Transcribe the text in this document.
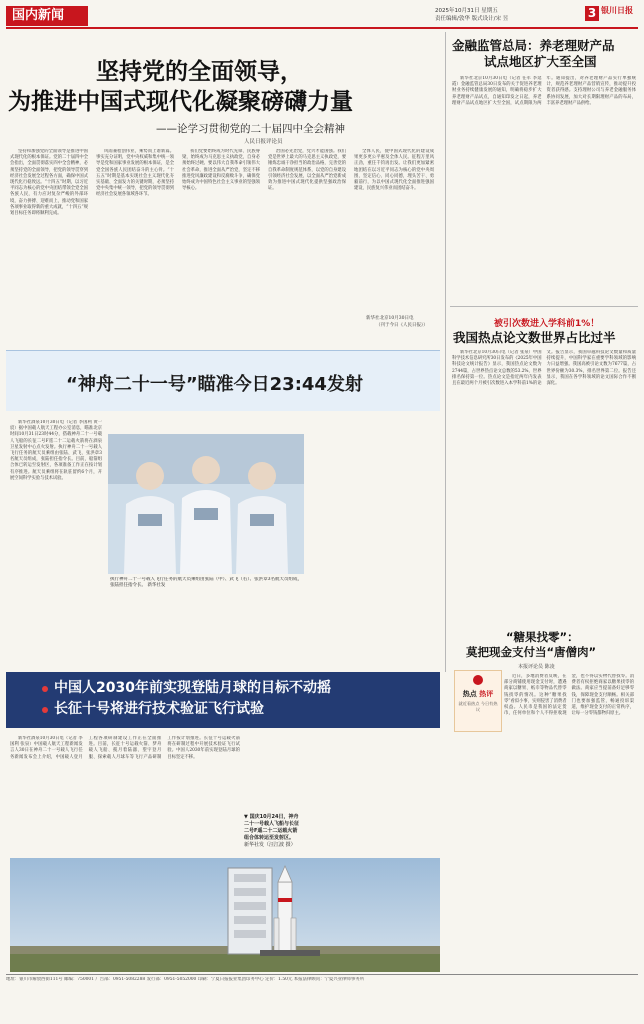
国内新闻	2025年10月31日 星期五
责任编辑/敦华 版式设计/宋 昱	3 银川日报
坚持党的全面领导，
为推进中国式现代化凝聚磅礴力量
——论学习贯彻党的二十届四中全会精神
人民日报评论员

坚持和加强党的全面领导是推进中国式现代化的根本保证。党的二十届四中全会指出，全面贯彻落实四中全会精神，必须坚持党的全面领导，把党的领导贯穿到经济社会发展全过程各方面，确保中国式现代化行稳致远。“十四五”时期，以习近平同志为核心的党中央团结带领全党全国各族人民，有力应对复杂严峻的外部环境，奋力拼搏、迎难而上，推动党和国家各项事业取得新的重大成就，“十四五”规划目标任务即将顺利完成。

风雨兼程创伟业，乘势而上谱新篇。事实充分证明，党中央权威和集中统一领导是党和国家事业发展的根本保证，是全党全国各族人民团结奋斗的主心骨。“十五五”时期是基本实现社会主义现代化夯实基础、全面发力的关键时期，必须坚持党中央集中统一领导，把党的领导贯彻到经济社会发展各领域各环节。

我们党要始终成为时代先锋、民族脊梁，始终成为马克思主义执政党，自身必须始终过硬。要以伟大自我革命引领伟大社会革命，推进全面从严治党，坚定不移推进党风廉政建设和反腐败斗争，确保党始终成为中国特色社会主义事业的坚强领导核心。

治国必先治党，党兴才能国强。我们党是世界上最大的马克思主义执政党，要锤炼忠诚干净担当的政治品格，完善党的自我革命制度规范体系，以党的自身建设引领经济社会发展，以全面从严治党新成效为推进中国式现代化提供坚强政治保证。

全体人民，使中国式现代化的建设成果更多更公平惠及全体人民。征程万里风正劲，重任千钧再出发。让我们更加紧密地团结在以习近平同志为核心的党中央周围，坚定信心、同心同德，埋头苦干、勇毅前行，为以中国式现代化全面推进强国建设、民族复兴伟业而团结奋斗。

新华社北京10月30日电
（刊于今日《人民日报》）
金融监管总局：养老理财产品
试点地区扩大至全国

新华社北京10月30日电（记者 任军 李延霞）金融监管总局30日发布的关于促进养老理财业务持续健康发展的通知，明确将稳步扩大养老理财产品试点，自通知印发之日起，养老理财产品试点地区扩大至全国，试点期限为两年。通知提出，对养老理财产品实行单独统计，规范养老理财产品营销宣传，推动提升投资者获得感。支持理财公司与养老金融服务体系协同发展，加大对长期限理财产品的布局，丰富养老理财产品供给。

被引次数进入学科前1%！
我国热点论文数世界占比过半

新华社北京10月30日电（记者 张泉）中国科学技术信息研究所30日发布的《2025年中国科技论文统计报告》显示，我国热点论文数为2744篇，占世界热点论文总数的53.2%，世界排名保持第一位。热点论文是指近两年内发表且在最近两个月被引次数进入本学科前1%的论文。报告显示，我国卓越科技论文数量和质量持续提升，中国科学家在重要学科领域的影响力日益增强。我国高被引论文数为7677篇，占世界份额为30.3%，排名世界第二位。报告还显示，我国在各学科领域的论文国际合作不断深化。

“神舟二十一号”瞄准今日23:44发射

新华社酒泉10月30日电（记者 李国利 黄一宸）据中国载人航天工程办公室消息，瞄准北京时间10月31日23时44分，搭载神舟二十一号载人飞船的长征二号F遥二十二运载火箭将在酒泉卫星发射中心点火发射。执行神舟二十一号载人飞行任务的航天员乘组由张陆、武飞、张洪章3名航天员组成，张陆担任指令长。目前，船箭组合体已转运至发射区，各项准备工作正在按计划有序推进。航天员乘组将在轨驻留约6个月，开展空间科学实验与技术试验。

执行神舟二十一号载人飞行任务的航天员乘组由张陆（中）、武飞（右）、张洪章3名航天员组成，张陆担任指令长。 新华社发

中国人2030年前实现登陆月球的目标不动摇
长征十号将进行技术验证飞行试验

新华社酒泉10月30日电（记者 李国利 张泉）中国载人航天工程新闻发言人30日在神舟二十一号载人飞行任务新闻发布会上介绍，中国载人登月工程各项研制建设工作正在全面推进。目前，长征十号运载火箭、梦舟载人飞船、揽月着陆器、望宇登月服、探索载人月球车等飞行产品研制工作按计划推进。长征十号运载火箭将在研制过程中开展技术验证飞行试验。中国人2030年前实现登陆月球的目标坚定不移。

▼ 国庆10月24日，神舟二十一号载人飞船与长征二号F遥二十二运载火箭组合体转运至发射区。
新华社发（汪江波 摄）
“糖果找零”：
莫把现金支付当“唐僧肉”
本报评论员 陈凌
热点 热评
就近看热点 今日有热议

近日，多地消费者反映，在部分商铺使用现金支付时，遭遇商家以糖果、纸巾等物品代替零钱找零的情况。这种“糖果找零”看似小事，实则侵害了消费者权益。人民币是我国的法定货币，任何单位和个人不得拒收现金，也不得以实物代替找零。消费者有权拒绝商家以糖果找零的做法。商家应当提前备好足够零钱，保障现金支付顺畅。相关部门也要加强监管，畅通投诉渠道，维护现金支付的正常秩序，让每一分零钱都物归原主。

地址：银川市解放西街111号 邮编：750001 广告部：0951-5082288 发行部：0951-5052000 印刷：宁夏日报报业集团印务中心 定价：1.50元 本报法律顾问：宁夏兴业律师事务所
